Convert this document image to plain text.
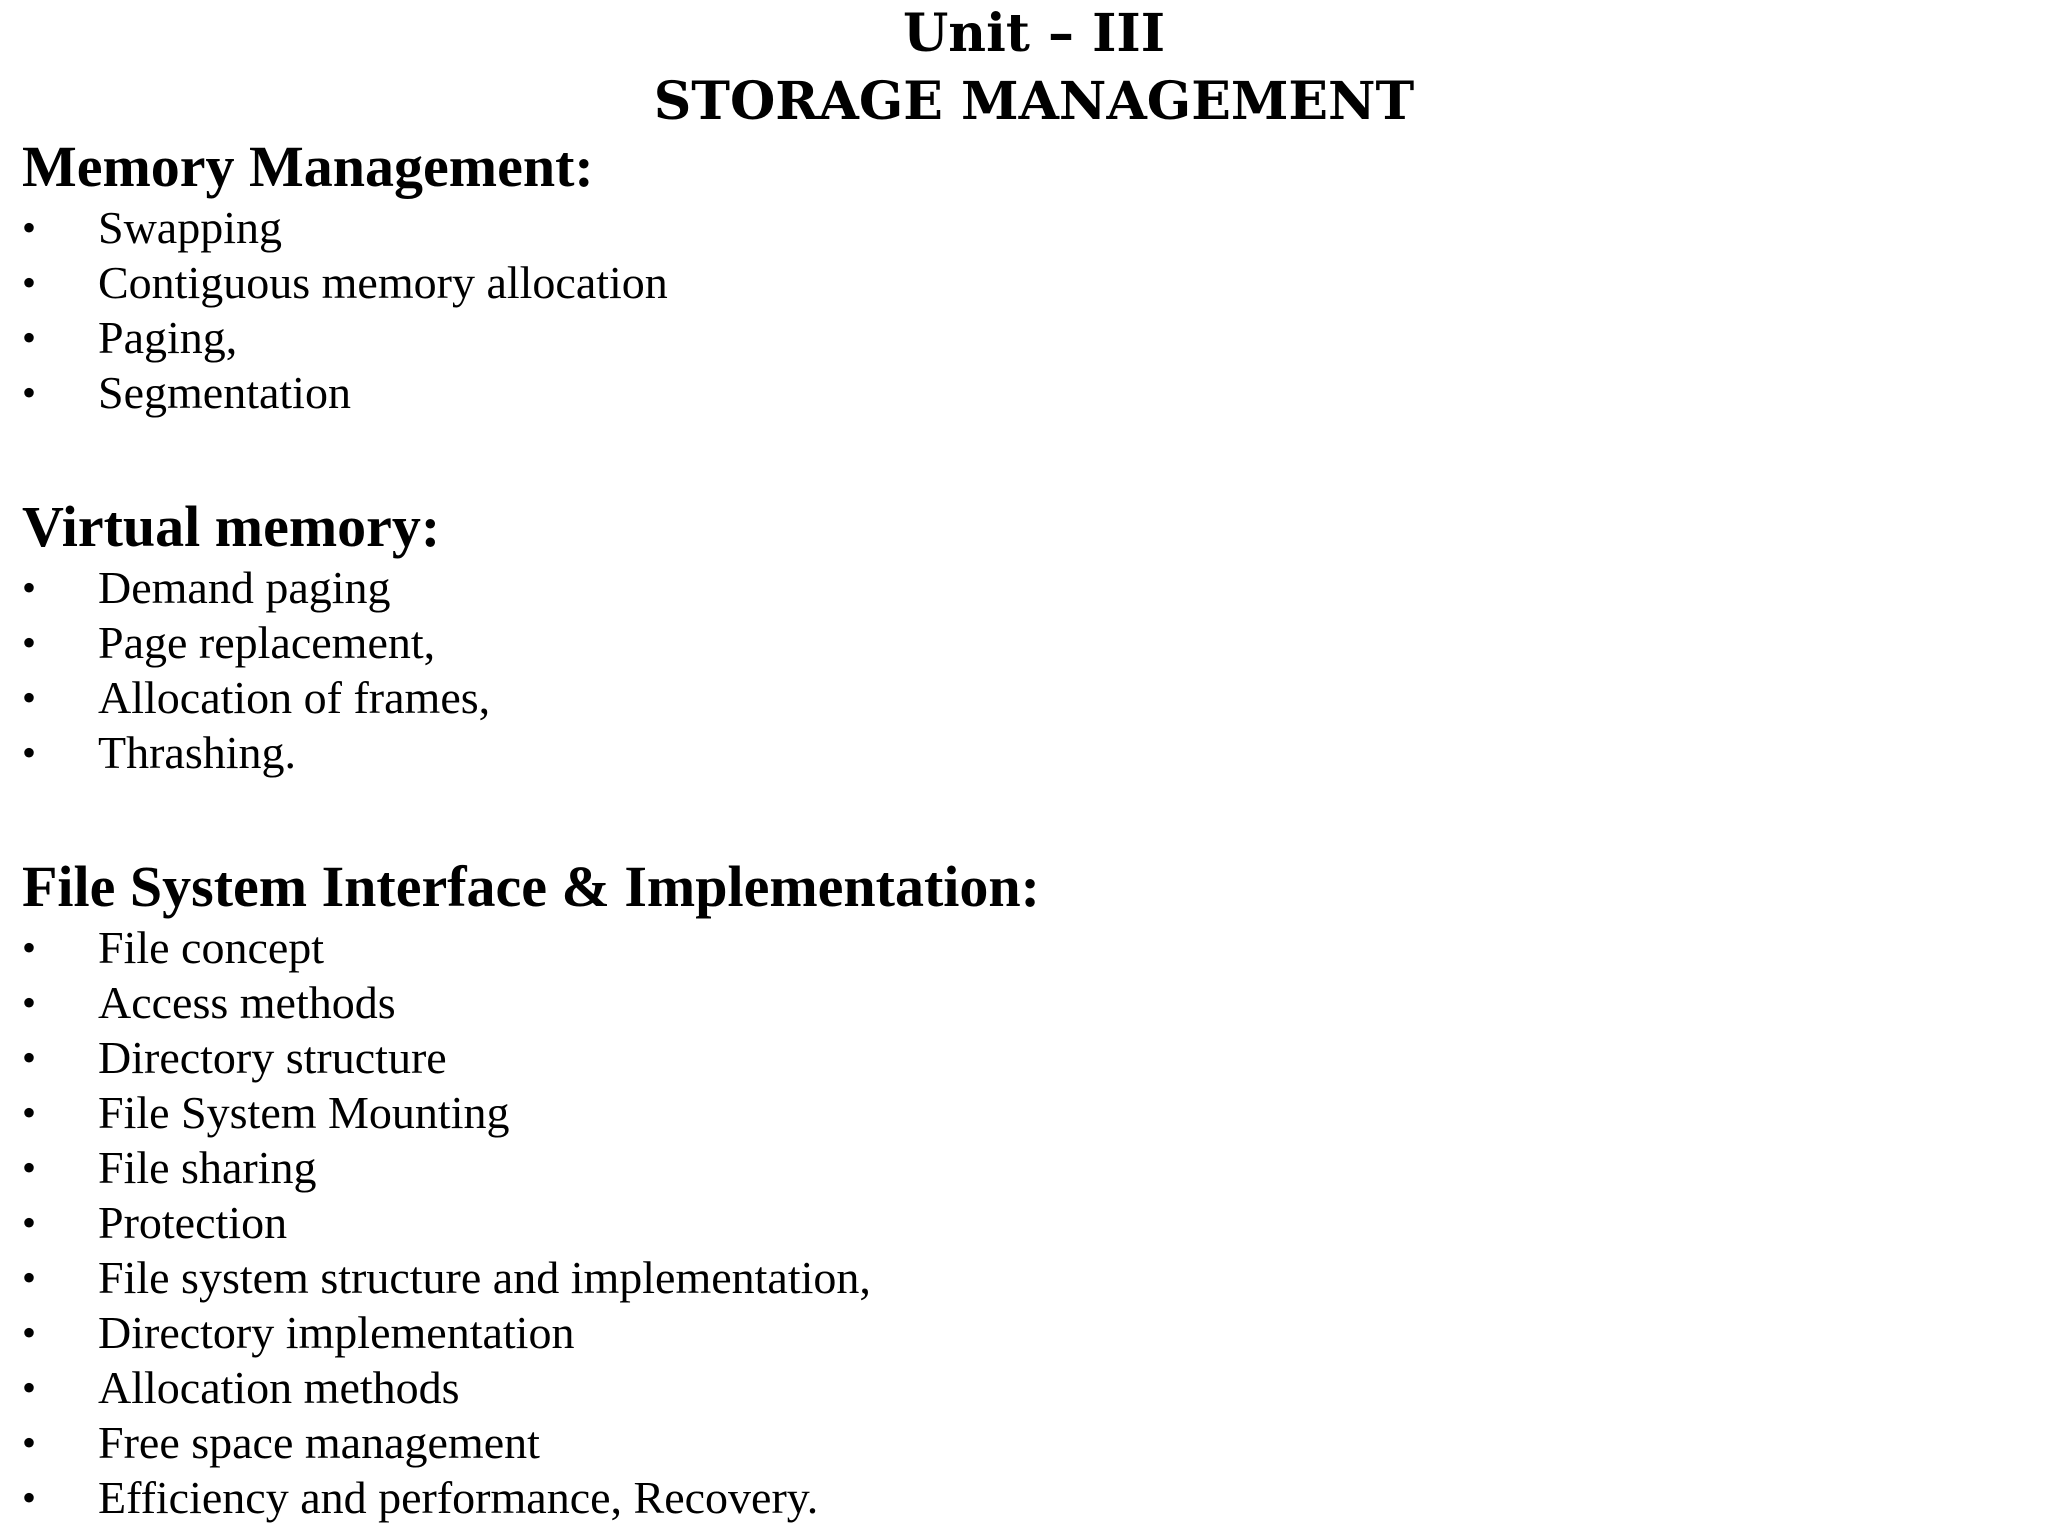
Unit – III
STORAGE MANAGEMENT
Memory Management:
•	Swapping
•	Contiguous memory allocation
•	Paging,
•	Segmentation
Virtual memory:
•	Demand paging
•	Page replacement,
•	Allocation of frames,
•	Thrashing.
File System Interface & Implementation:
•	File concept
•	Access methods
•	Directory structure
•	File System Mounting
•	File sharing
•	Protection
•	File system structure and implementation,
•	Directory implementation
•	Allocation methods
•	Free space management
•	Efficiency and performance, Recovery.
